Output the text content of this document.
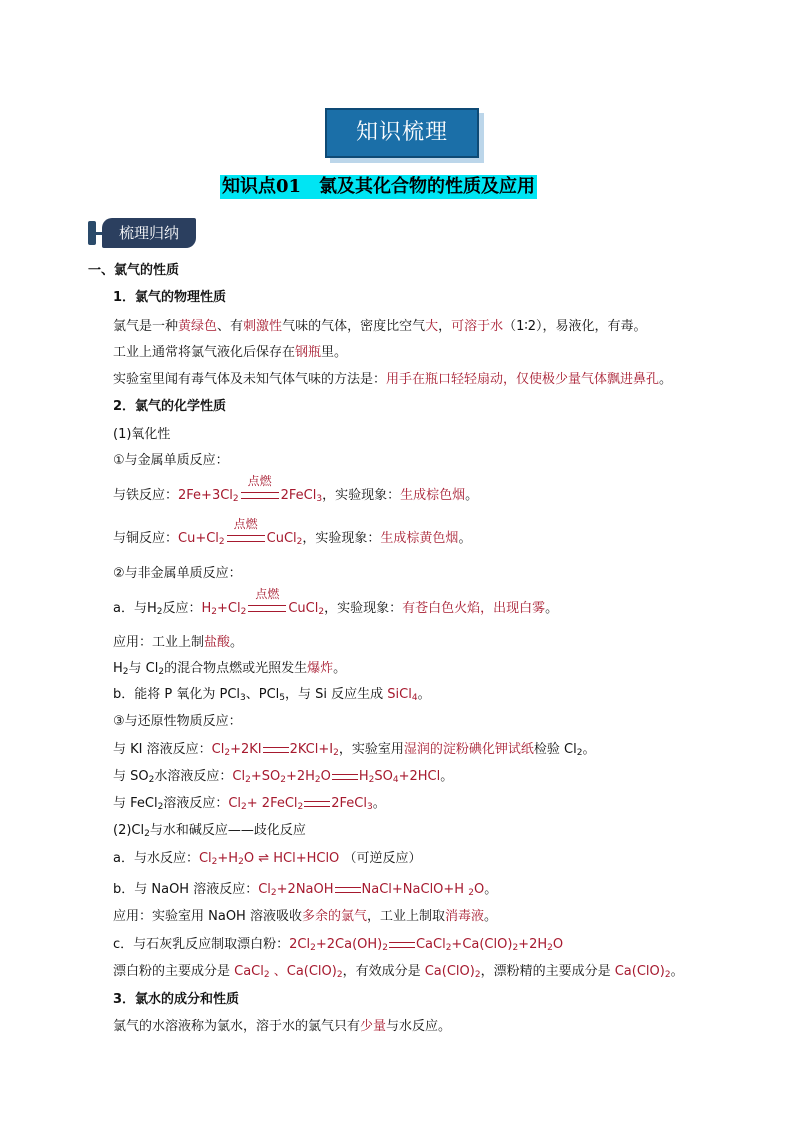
知识梳理
知识点01　氯及其化合物的性质及应用
梳理归纳
一、氯气的性质
1．氯气的物理性质
氯气是一种黄绿色、有刺激性气味的气体，密度比空气大，可溶于水（1∶2），易液化，有毒。
工业上通常将氯气液化后保存在钢瓶里。
实验室里闻有毒气体及未知气体气味的方法是：用手在瓶口轻轻扇动，仅使极少量气体飘进鼻孔。
2．氯气的化学性质
(1)氧化性
①与金属单质反应：
与铁反应：$2Fe+3Cl_2$
点燃
2FeCl$_3$，实验现象：生成棕色烟。
与铜反应：$Cu+Cl_2$
点燃
CuCl$_2$，实验现象：生成棕黄色烟。
②与非金属单质反应：
a．与$H_2$反应：$H_2+Cl_2$
点燃
CuCl$_2$，实验现象：有苍白色火焰，出现白雾。
应用：工业上制盐酸。
$H_2$与 $Cl_2$的混合物点燃或光照发生爆炸。
b．能将 P 氧化为 PCl$_3$、PCl$_5$，与 Si 反应生成 SiCl$_4$。
③与还原性物质反应：
与 KI 溶液反应：$Cl_2+2KI$ $2KCl+I_2$，实验室用湿润的淀粉碘化钾试纸检验 $Cl_2$。
与 $SO_2$水溶液反应：$Cl_2+SO_2+2H_2O$ $H_2SO_4+2HCl$。
与 FeCl$_2$溶液反应：$Cl_2+$ 2FeCl$_2$ 2FeCl$_3$。
$(2)Cl_2$与水和碱反应——歧化反应
a．与水反应：$Cl_2+H_2O$ ⇌ HCl+HClO （可逆反应）
b．与 NaOH 溶液反应：$Cl_2+2NaOH$ NaCl+NaClO+H $_2$O。
应用：实验室用 NaOH 溶液吸收多余的氯气，工业上制取消毒液。
c．与石灰乳反应制取漂白粉：$2Cl_2+2Ca(OH)_2$ $CaCl_2+Ca(ClO)_2+2H_2O$
漂白粉的主要成分是 CaCl$_2$ 、$Ca(ClO)_2$，有效成分是 $Ca(ClO)_2$，漂粉精的主要成分是 $Ca(ClO)_2$。
3．氯水的成分和性质
氯气的水溶液称为氯水，溶于水的氯气只有少量与水反应。
